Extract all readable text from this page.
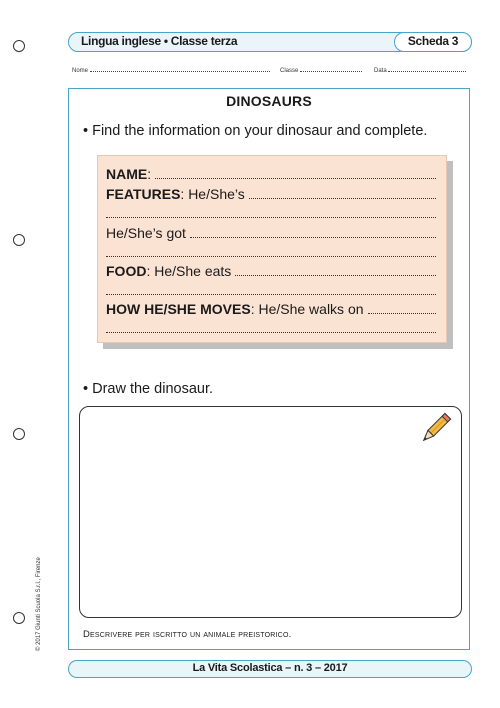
Lingua inglese • Classe terza	Scheda 3
Nome	Classe	Data
DINOSAURS
• Find the information on your dinosaur and complete.
NAME :
FEATURES : He/She’s
He/She’s got
FOOD : He/She eats
HOW HE/SHE MOVES : He/She walks on
• Draw the dinosaur.
Descrivere per iscritto un animale preistorico.
© 2017 Giunti Scuola S.r.l., Firenze
La Vita Scolastica – n. 3 – 2017
